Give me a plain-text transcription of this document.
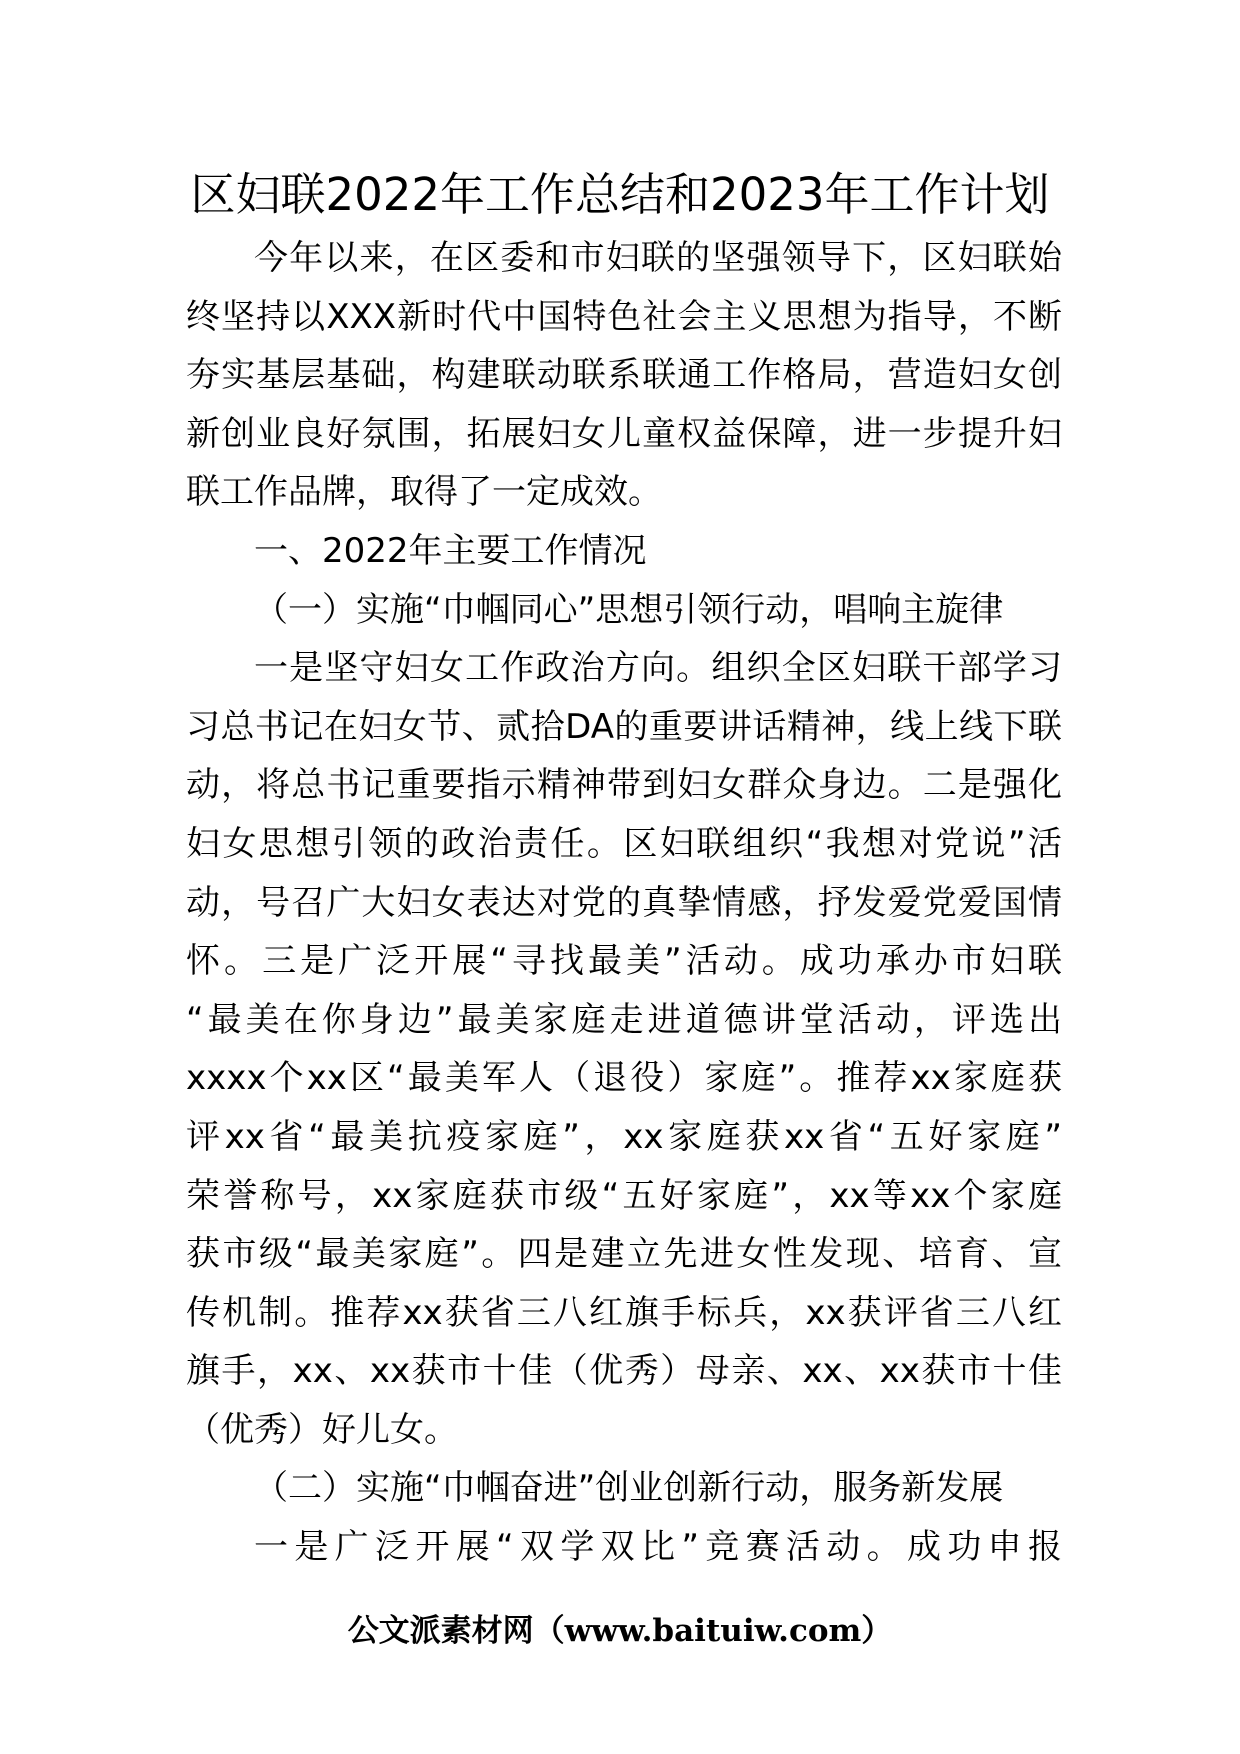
区妇联2022年工作总结和2023年工作计划
今年以来，在区委和市妇联的坚强领导下，区妇联始
终坚持以XXX新时代中国特色社会主义思想为指导，不断
夯实基层基础，构建联动联系联通工作格局，营造妇女创
新创业良好氛围，拓展妇女儿童权益保障，进一步提升妇
联工作品牌，取得了一定成效。
一、2022年主要工作情况
（一）实施“巾帼同心”思想引领行动，唱响主旋律
一是坚守妇女工作政治方向。组织全区妇联干部学习
习总书记在妇女节、贰拾DA的重要讲话精神，线上线下联
动，将总书记重要指示精神带到妇女群众身边。二是强化
妇女思想引领的政治责任。区妇联组织“我想对党说”活
动，号召广大妇女表达对党的真挚情感，抒发爱党爱国情
怀。三是广泛开展“寻找最美”活动。成功承办市妇联
“最美在你身边”最美家庭走进道德讲堂活动，评选出
xxxx个xx区“最美军人（退役）家庭”。推荐xx家庭获
评xx省“最美抗疫家庭”，xx家庭获xx省“五好家庭”
荣誉称号，xx家庭获市级“五好家庭”，xx等xx个家庭
获市级“最美家庭”。四是建立先进女性发现、培育、宣
传机制。推荐xx获省三八红旗手标兵，xx获评省三八红
旗手，xx、xx获市十佳（优秀）母亲、xx、xx获市十佳
（优秀）好儿女。
（二）实施“巾帼奋进”创业创新行动，服务新发展
一是广泛开展“双学双比”竞赛活动。成功申报
公文派素材网（www.baituiw.com）
